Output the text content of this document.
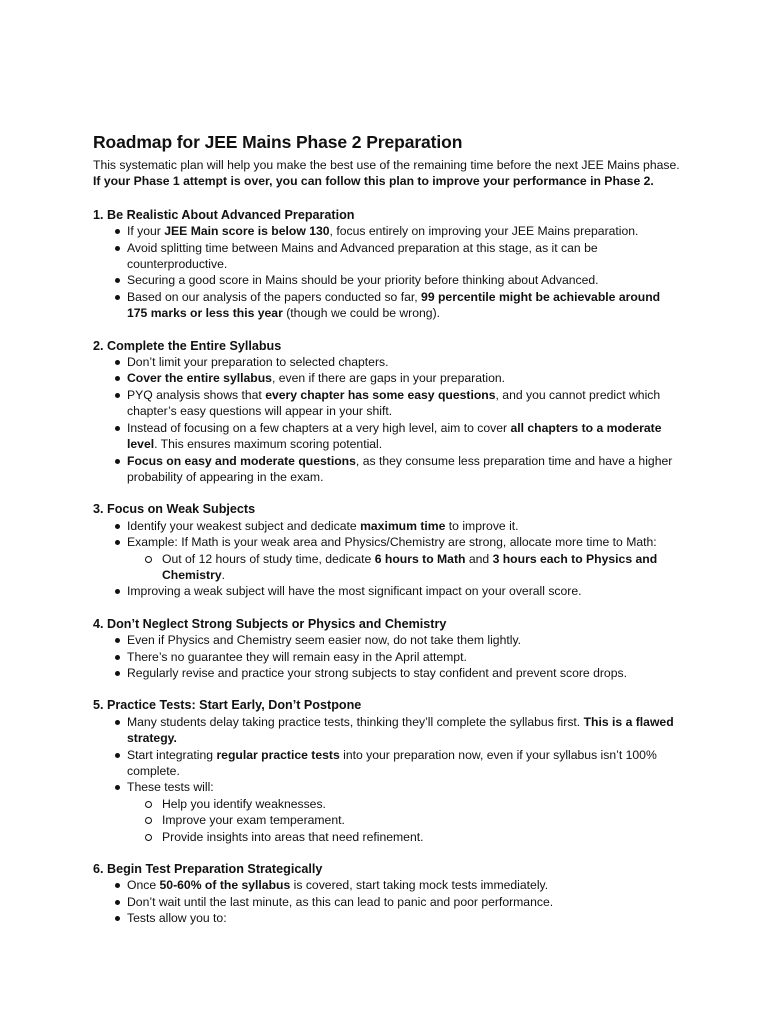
Roadmap for JEE Mains Phase 2 Preparation

This systematic plan will help you make the best use of the remaining time before the next JEE Mains phase. If your Phase 1 attempt is over, you can follow this plan to improve your performance in Phase 2.

1. Be Realistic About Advanced Preparation
If your JEE Main score is below 130, focus entirely on improving your JEE Mains preparation.
Avoid splitting time between Mains and Advanced preparation at this stage, as it can be counterproductive.
Securing a good score in Mains should be your priority before thinking about Advanced.
Based on our analysis of the papers conducted so far, 99 percentile might be achievable around 175 marks or less this year (though we could be wrong).
2. Complete the Entire Syllabus
Don’t limit your preparation to selected chapters.
Cover the entire syllabus, even if there are gaps in your preparation.
PYQ analysis shows that every chapter has some easy questions, and you cannot predict which chapter’s easy questions will appear in your shift.
Instead of focusing on a few chapters at a very high level, aim to cover all chapters to a moderate level. This ensures maximum scoring potential.
Focus on easy and moderate questions, as they consume less preparation time and have a higher probability of appearing in the exam.
3. Focus on Weak Subjects
Identify your weakest subject and dedicate maximum time to improve it.
Example: If Math is your weak area and Physics/Chemistry are strong, allocate more time to Math:
Out of 12 hours of study time, dedicate 6 hours to Math and 3 hours each to Physics and Chemistry.
Improving a weak subject will have the most significant impact on your overall score.
4. Don’t Neglect Strong Subjects or Physics and Chemistry
Even if Physics and Chemistry seem easier now, do not take them lightly.
There’s no guarantee they will remain easy in the April attempt.
Regularly revise and practice your strong subjects to stay confident and prevent score drops.
5. Practice Tests: Start Early, Don’t Postpone
Many students delay taking practice tests, thinking they’ll complete the syllabus first. This is a flawed strategy.
Start integrating regular practice tests into your preparation now, even if your syllabus isn’t 100% complete.
These tests will:
Help you identify weaknesses.
Improve your exam temperament.
Provide insights into areas that need refinement.
6. Begin Test Preparation Strategically
Once 50-60% of the syllabus is covered, start taking mock tests immediately.
Don’t wait until the last minute, as this can lead to panic and poor performance.
Tests allow you to:
